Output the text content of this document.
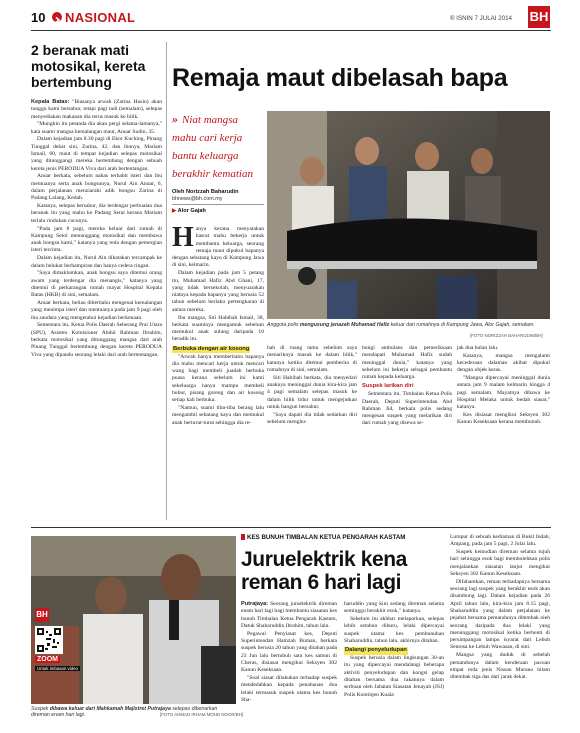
10 NASIONAL	® ISNIN 7 JULAI 2014 BH
2 beranak mati motosikal, kereta bertembung

Kepala Batas: "Biasanya arwah (Zarina Husin) akan tunggu kami bersahur, tetapi pagi tadi (semalam), selepas menyediakan makanan dia terus masuk ke bilik.

"Mungkin itu petanda dia akan pergi selama-lamanya," kata suami mangsa kemalangan maut, Anuar Sudin, 35.

Dalam kejadian jam 8.30 pagi di Ekor Kuching, Pinang Tunggal dekat sini, Zarina, 42, dan ibunya, Mariam Ismail, 60, maut di tempat kejadian selepas motosikal yang ditunggangi mereka bertembung dengan sebuah kereta jenis PERODUA Viva dari arah bertentangan.

Anuar berkata, sebelum nahas terbabit isteri dan ibu mentuanya serta anak bongsunya, Nurul Ain Anuar, 6, dalam perjalanan menziarahi adik bongsu Zarina di Padang Lalang, Kedah.

Katanya, selepas bersahur, dia terdengar perbualan dua beranak itu yang mahu ke Padang Serai kerana Mariam terlalu rindukan cucunya.

"Pada jam 8 pagi, mereka keluar dari rumah di Kampung Setol menunggang motosikal dan membawa anak bongsu kami," katanya yang reda dengan pemergian isteri tercinta.

Dalam kejadian itu, Nurul Ain dikatakan tercampak ke dalam belukar berhampiran dan hanya cedera ringan.

"Saya dimaklumkan, anak bongsu saya ditemui orang awam yang terdengar dia menangis," katanya yang ditemui di perkarangan rumah mayat Hospital Kepala Batas (HKB) di sini, semalam.

Anuar berkata, beliau diberitahu mengenai kemalangan yang menimpa isteri dan mentuanya pada jam 9 pagi oleh ibu saudara yang mengetahui kejadian berkenaan.

Sementara itu, Ketua Polis Daerah Seberang Prai Utara (SPU), Asisten Komisioner Abdul Rahman Ibrahim, berkata motosikal yang ditunggang mangsa dari arah Pinang Tunggal bertembung dengan kereta PERODUA Viva yang dipandu seorang lelaki dari arah bertentangan.

Remaja maut dibelasah bapa
» Niat mangsa mahu cari kerja bantu keluarga berakhir kematian
Oleh Norizzah Baharudin
bhnews@bh.com.my
▶ Alor Gajah
Anggota polis mengusung jenazah Muhamad Hafiz keluar dari rumahnya di Kampung Jawa, Alor Gajah, semalam.
[FOTO NORIZZAH BAHARUDIN/BH]

Hanya kerana menyatakan hasrat mahu bekerja untuk membantu keluarga, seorang remaja maut dipukul bapanya dengan sebatang kayu di Kampung Jawa di sini, kelmarin.

Dalam kejadian pada jam 5 petang itu, Muhamad Hafiz Abd Ghani, 17, yang tidak bersekolah, menyuarakan niatnya kepada bapanya yang berusia 52 tahun sebelum berlaku pertengkaran di antara mereka.

Ibu mangsa, Siti Habibah Ismail, 38, berkata suaminya mengamuk sebelum memukul anak sulung daripada 10 beradik itu.

Berbuka dengan air kosong

"Arwah hanya memberitahu bapanya dia mahu mencari kerja untuk mencari wang bagi membeli juadah berbuka puasa kerana sebelum ini kami sekeluarga hanya mampu membeli bubur, pisang goreng dan air kosong setiap kali berbuka.

"Namun, suami tiba-tiba berang lalu mengambil sebatang kayu dan memukul anak berturut-turut sehingga dia re-

bah di ruang tamu sebelum saya menariknya masuk ke dalam bilik," katanya ketika ditemui pemberita di rumahnya di sini, semalam.

Siti Habibah berkata, dia menyedari anaknya meninggal dunia kira-kira jam 4 pagi semalam selepas masuk ke dalam bilik tidur untuk mengejutkan untuk bangun bersahur.

"Saya dapati dia tidak sedarkan diri sebelum menghu-

bungi ambulans dan pemeriksaan mendapati Muhamad Hafiz sudah meninggal dunia," katanya yang sebelum ini bekerja sebagai pembantu rumah kepada keluarga.

Suspek larikan diri

Sementara itu, Timbalan Ketua Polis Daerah, Deputi Superintendan Abd Rahman Jid, berkata polis sedang mengesan suspek yang melarikan diri dari rumah yang disewa se-

jak dua bulan lalu.

Katanya, mangsa mengalami kecederaan dalaman akibat dipukul dengan objek keras.

"Mangsa dipercayai meninggal dunia antara jam 9 malam kelmarin hingga 4 pagi semalam. Mayatnya dibawa ke Hospital Melaka untuk bedah siasat," katanya.

Kes disiasat mengikut Seksyen 302 Kanun Keseksaan kerana membunuh.

BH
ZOOM
Untuk imbasan video
Suspek dibawa keluar dari Mahkamah Majistret Putrajaya selepas dibenarkan direman enam hari lagi.	[FOTO AHMAD IRHAM MOHD NOOR/BH]
KES BUNUH TIMBALAN KETUA PENGARAH KASTAM
Juruelektrik kena reman 6 hari lagi

Putrajaya: Seorang juruelektrik direman enam hari lagi bagi membantu siasatan kes bunuh Timbalan Ketua Pengarah Kastam, Datuk Shaharuddin Ibrahim, tahun lalu.

Pegawai Penyiasat kes, Deputi Superintendan Hamzah Buman, berkata suspek berusia 20 tahun yang ditahan pada 23 Jun lalu bertubuh satu kes samun di Cheras, disiasat mengikut Seksyen 302 Kanun Keseksaan.

"Soal siasat dilakukan terhadap suspek mendedahkan kepada penahanan dua lelaki termasuk suspek utama kes bunuh Sha-

haruddin yang kini sedang direman selama seminggu berakhir esok," katanya.

Sebelum itu akhbar melaporkan, selepas lebih setahun diburu, lelaki dipercayai suspek utama kes pembunuhan Shaharuddin, tahun lalu, akhirnya ditahan.

Dalangi penyeludupan

Suspek berusia dalam lingkungan 30-an itu yang dipercayai mendalangi beberapa aktiviti penyeludupan dan kongsi gelap ditahan bersama dua rakannya dalam serbuan oleh Jabatan Siasatan Jenayah (JSJ) Polis Kontinjen Kuala

Lumpur di sebuah kediaman di Bukit Indah, Ampang, pada jam 5 pagi, 2 Julai lalu.

Suspek kemudian direman selama tujuh hari sehingga esok bagi membolehkan polis menjalankan siasatan lanjut mengikut Seksyen 302 Kanun Keseksaan.

Difahamkan, reman terhadapnya bersama seorang lagi suspek yang berakhir esok akan disambung lagi. Dalam kejadian pada 26 April tahun lalu, kira-kira jam 8.15 pagi, Shaharuddin yang dalam perjalanan ke pejabat bersama pemandunya ditembak oleh seorang daripada dua lelaki yang menunggang motosikal ketika berhenti di persimpangan lampu isyarat dari Lebuh Sentosa ke Lebuh Wawasan, di sini.

Mangsa yang duduk di sebelah pemandunya dalam kenderaan pacuan empat roda jenis Nissan Murano hitam ditembak tiga das dari jarak dekat.
